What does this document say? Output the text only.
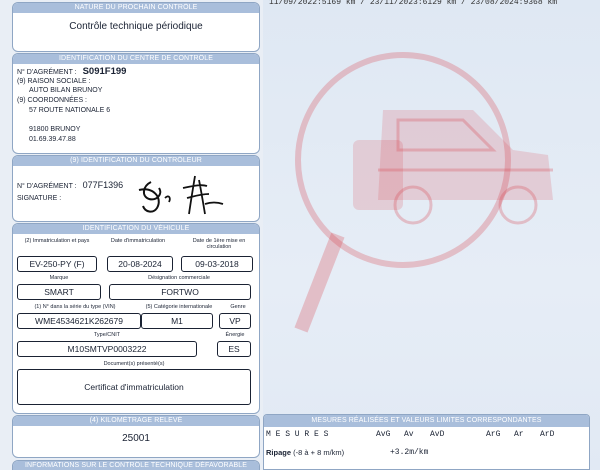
NATURE DU PROCHAIN CONTRÔLE
Contrôle technique périodique
IDENTIFICATION DU CENTRE DE CONTRÔLE
N° D'AGRÉMENT : S091F199
(9) RAISON SOCIALE :
AUTO BILAN BRUNOY
(9) COORDONNÉES :
57 ROUTE NATIONALE 6
91800 BRUNOY
01.69.39.47.88
(9) IDENTIFICATION DU CONTRÔLEUR
N° D'AGRÉMENT : 077F1396
SIGNATURE :
IDENTIFICATION DU VÉHICULE
(2) Immatriculation et pays	Date d'immatriculation	Date de 1ère mise en circulation
EV-250-PY (F)	20-08-2024	09-03-2018
Marque	Désignation commerciale
SMART	FORTWO
(1) N° dans la série du type (VIN)	(5) Catégorie internationale	Genre
WME4534621K262679	M1	VP
Type/CNIT	Énergie
M10SMTVP0003222	ES
Document(s) présenté(s)
Certificat d'immatriculation
(4) KILOMÉTRAGE RELEVÉ
25001
INFORMATIONS SUR LE CONTRÔLE TECHNIQUE DÉFAVORABLE
11/09/2022:5169 km / 23/11/2023:6129 km / 23/08/2024:9368 km
MESURES RÉALISÉES ET VALEURS LIMITES CORRESPONDANTES
M E S U R E S	AvG Av AvD	ArG Ar ArD
Ripage (-8 à + 8 m/km)	+3.2m/km
